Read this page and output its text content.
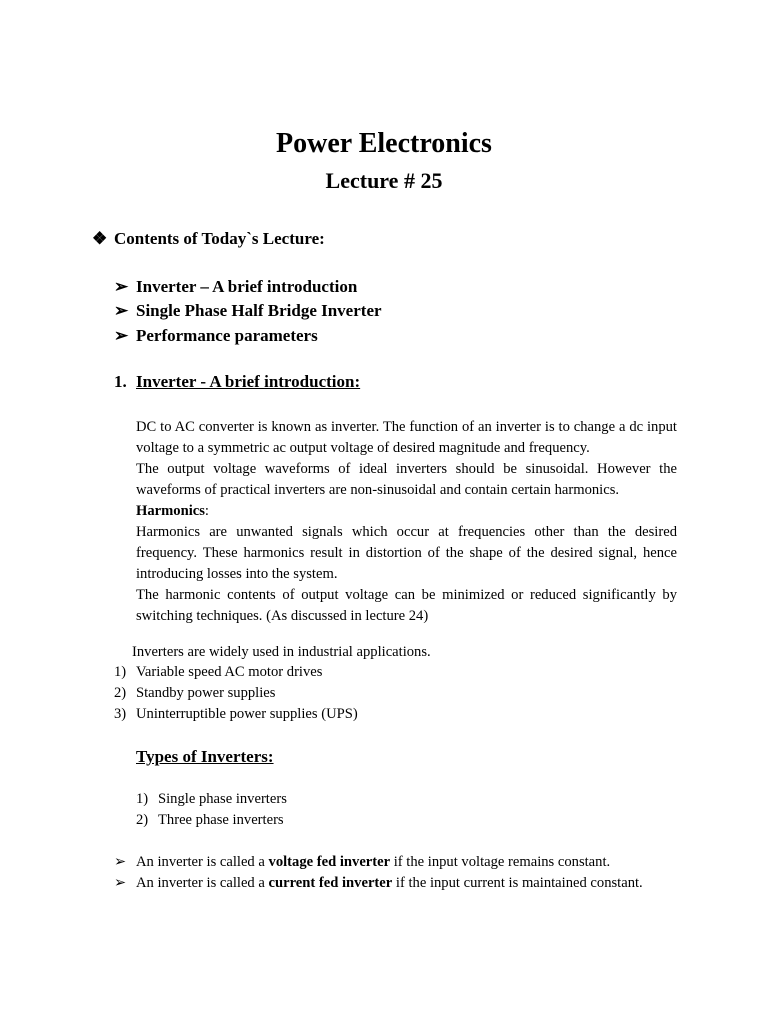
Power Electronics
Lecture # 25
❖ Contents of Today`s Lecture:
➢ Inverter – A brief introduction
➢ Single Phase Half Bridge Inverter
➢ Performance parameters
1. Inverter - A brief introduction:

DC to AC converter is known as inverter. The function of an inverter is to change a dc input voltage to a symmetric ac output voltage of desired magnitude and frequency.

The output voltage waveforms of ideal inverters should be sinusoidal. However the waveforms of practical inverters are non-sinusoidal and contain certain harmonics.

Harmonics:

Harmonics are unwanted signals which occur at frequencies other than the desired frequency. These harmonics result in distortion of the shape of the desired signal, hence introducing losses into the system.

The harmonic contents of output voltage can be minimized or reduced significantly by switching techniques. (As discussed in lecture 24)

Inverters are widely used in industrial applications.
1) Variable speed AC motor drives
2) Standby power supplies
3) Uninterruptible power supplies (UPS)
Types of Inverters:
1) Single phase inverters
2) Three phase inverters
➢ An inverter is called a voltage fed inverter if the input voltage remains constant.
➢ An inverter is called a current fed inverter if the input current is maintained constant.
